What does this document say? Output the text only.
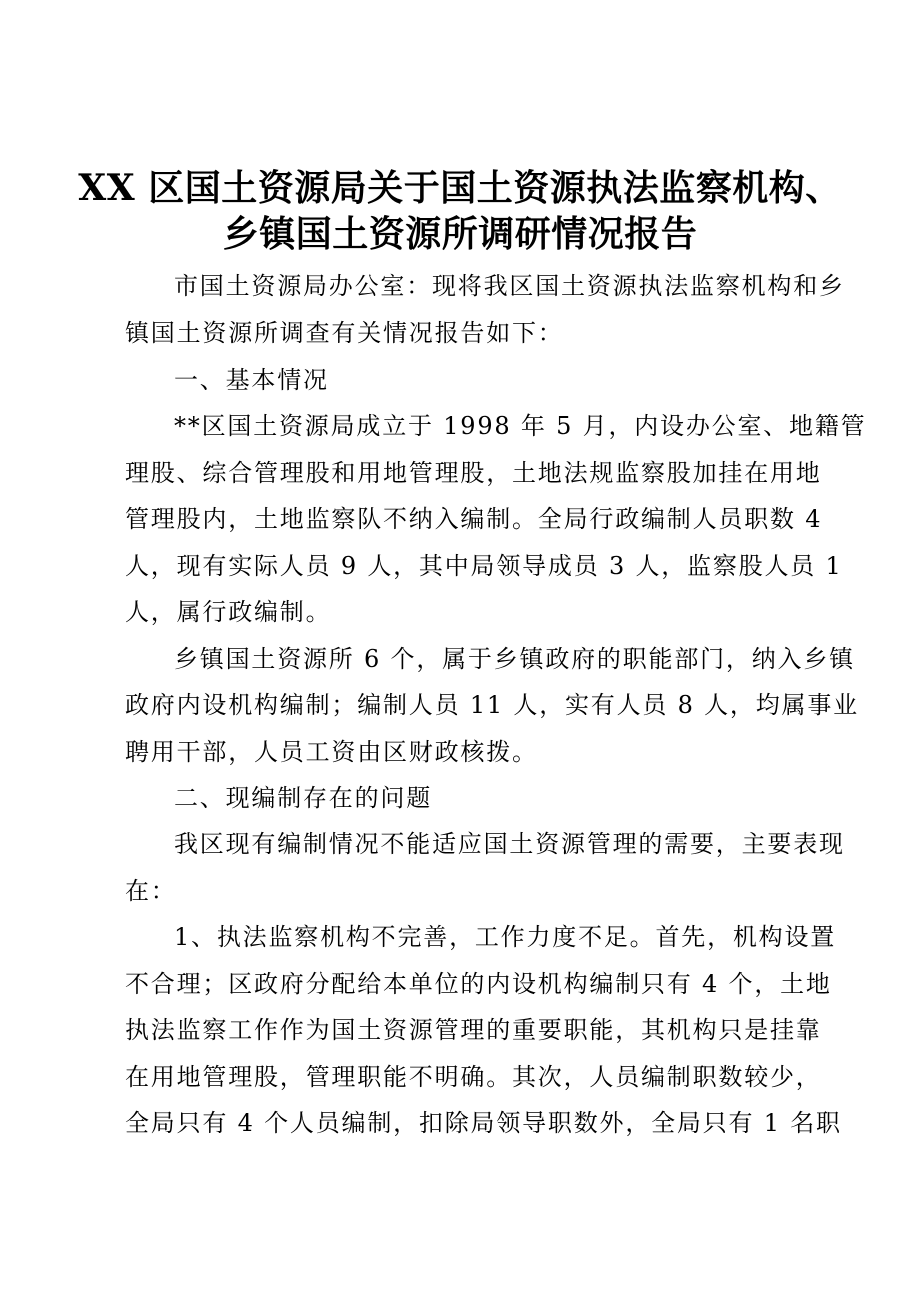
XX 区国土资源局关于国土资源执法监察机构、
乡镇国土资源所调研情况报告
市国土资源局办公室：现将我区国土资源执法监察机构和乡
镇国土资源所调查有关情况报告如下：
一、基本情况
**区国土资源局成立于 1998 年 5 月，内设办公室、地籍管
理股、综合管理股和用地管理股，土地法规监察股加挂在用地
管理股内，土地监察队不纳入编制。全局行政编制人员职数 4
人，现有实际人员 9 人，其中局领导成员 3 人，监察股人员 1
人，属行政编制。
乡镇国土资源所 6 个，属于乡镇政府的职能部门，纳入乡镇
政府内设机构编制；编制人员 11 人，实有人员 8 人，均属事业
聘用干部，人员工资由区财政核拨。
二、现编制存在的问题
我区现有编制情况不能适应国土资源管理的需要，主要表现
在：
1、执法监察机构不完善，工作力度不足。首先，机构设置
不合理；区政府分配给本单位的内设机构编制只有 4 个，土地
执法监察工作作为国土资源管理的重要职能，其机构只是挂靠
在用地管理股，管理职能不明确。其次，人员编制职数较少，
全局只有 4 个人员编制，扣除局领导职数外，全局只有 1 名职
